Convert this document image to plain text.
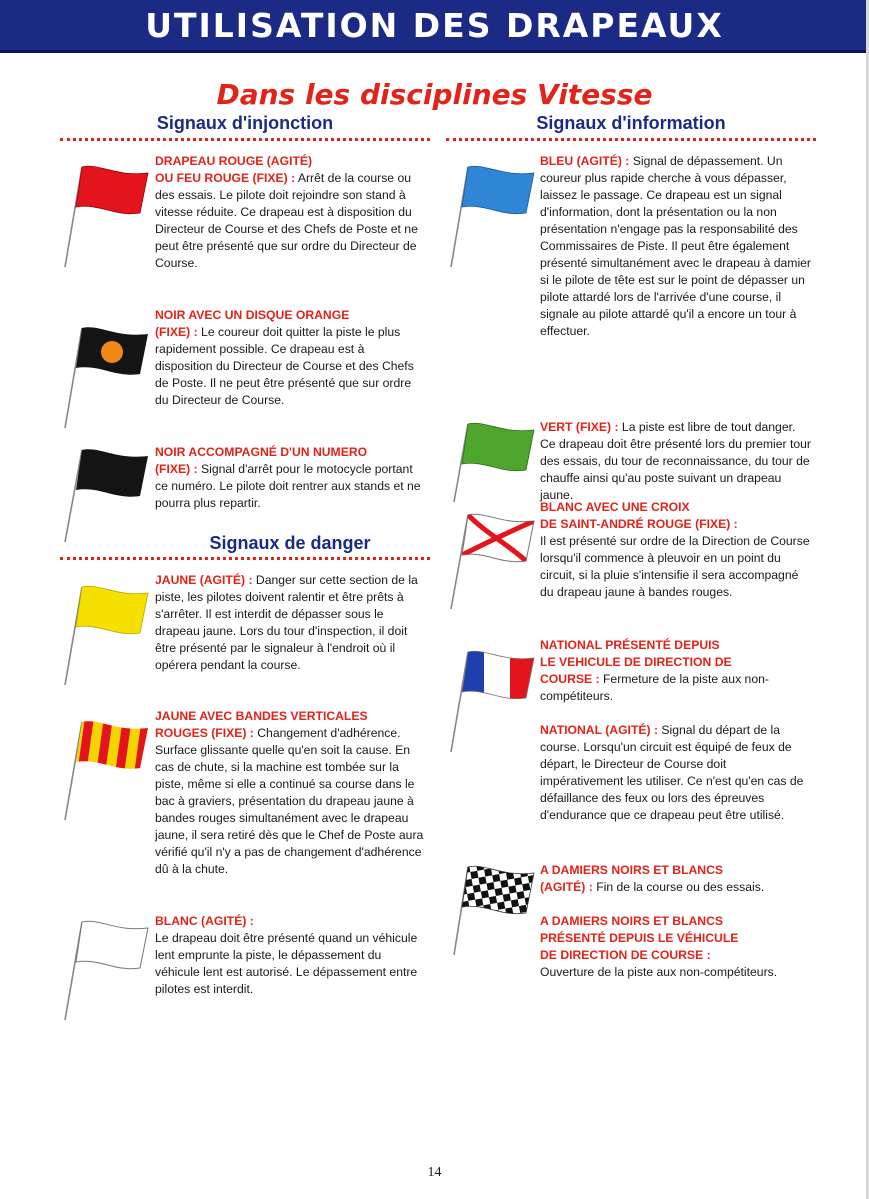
UTILISATION DES DRAPEAUX
Dans les disciplines Vitesse
Signaux d'injonction	Signaux d'information
Signaux de danger

DRAPEAU ROUGE (AGITÉ)
OU FEU ROUGE (FIXE) : Arrêt de la course ou des essais. Le pilote doit rejoindre son stand à vitesse réduite. Ce drapeau est à disposition du Directeur de Course et des Chefs de Poste et ne peut être présenté que sur ordre du Directeur de Course.

NOIR AVEC UN DISQUE ORANGE
(FIXE) : Le coureur doit quitter la piste le plus rapidement possible. Ce drapeau est à disposition du Directeur de Course et des Chefs de Poste. Il ne peut être présenté que sur ordre du Directeur de Course.

NOIR ACCOMPAGNÉ D'UN NUMERO
(FIXE) : Signal d'arrêt pour le motocycle portant ce numéro. Le pilote doit rentrer aux stands et ne pourra plus repartir.

JAUNE (AGITÉ) : Danger sur cette section de la piste, les pilotes doivent ralentir et être prêts à s'arrêter. Il est interdit de dépasser sous le drapeau jaune. Lors du tour d'inspection, il doit être présenté par le signaleur à l'endroit où il opérera pendant la course.

JAUNE AVEC BANDES VERTICALES
ROUGES (FIXE) : Changement d'adhérence. Surface glissante quelle qu'en soit la cause. En cas de chute, si la machine est tombée sur la piste, même si elle a continué sa course dans le bac à graviers, présentation du drapeau jaune à bandes rouges simultanément avec le drapeau jaune, il sera retiré dès que le Chef de Poste aura vérifié qu'il n'y a pas de changement d'adhérence dû à la chute.

BLANC (AGITÉ) :
Le drapeau doit être présenté quand un véhicule lent emprunte la piste, le dépassement du véhicule lent est autorisé. Le dépassement entre pilotes est interdit.

BLEU (AGITÉ) : Signal de dépassement. Un coureur plus rapide cherche à vous dépasser, laissez le passage. Ce drapeau est un signal d'information, dont la présentation ou la non présentation n'engage pas la responsabilité des Commissaires de Piste. Il peut être également présenté simultanément avec le drapeau à damier si le pilote de tête est sur le point de dépasser un pilote attardé lors de l'arrivée d'une course, il signale au pilote attardé qu'il a encore un tour à effectuer.

VERT (FIXE) : La piste est libre de tout danger. Ce drapeau doit être présenté lors du premier tour des essais, du tour de reconnaissance, du tour de chauffe ainsi qu'au poste suivant un drapeau jaune.

BLANC AVEC UNE CROIX
DE SAINT-ANDRÉ ROUGE (FIXE) :
Il est présenté sur ordre de la Direction de Course lorsqu'il commence à pleuvoir en un point du circuit, si la pluie s'intensifie il sera accompagné du drapeau jaune à bandes rouges.

NATIONAL PRÉSENTÉ DEPUIS
LE VEHICULE DE DIRECTION DE
COURSE : Fermeture de la piste aux non-compétiteurs.

NATIONAL (AGITÉ) : Signal du départ de la course. Lorsqu'un circuit est équipé de feux de départ, le Directeur de Course doit impérativement les utiliser. Ce n'est qu'en cas de défaillance des feux ou lors des épreuves d'endurance que ce drapeau peut être utilisé.

A DAMIERS NOIRS ET BLANCS
(AGITÉ) : Fin de la course ou des essais.

A DAMIERS NOIRS ET BLANCS
PRÉSENTÉ DEPUIS LE VÉHICULE
DE DIRECTION DE COURSE :
Ouverture de la piste aux non-compétiteurs.

14
